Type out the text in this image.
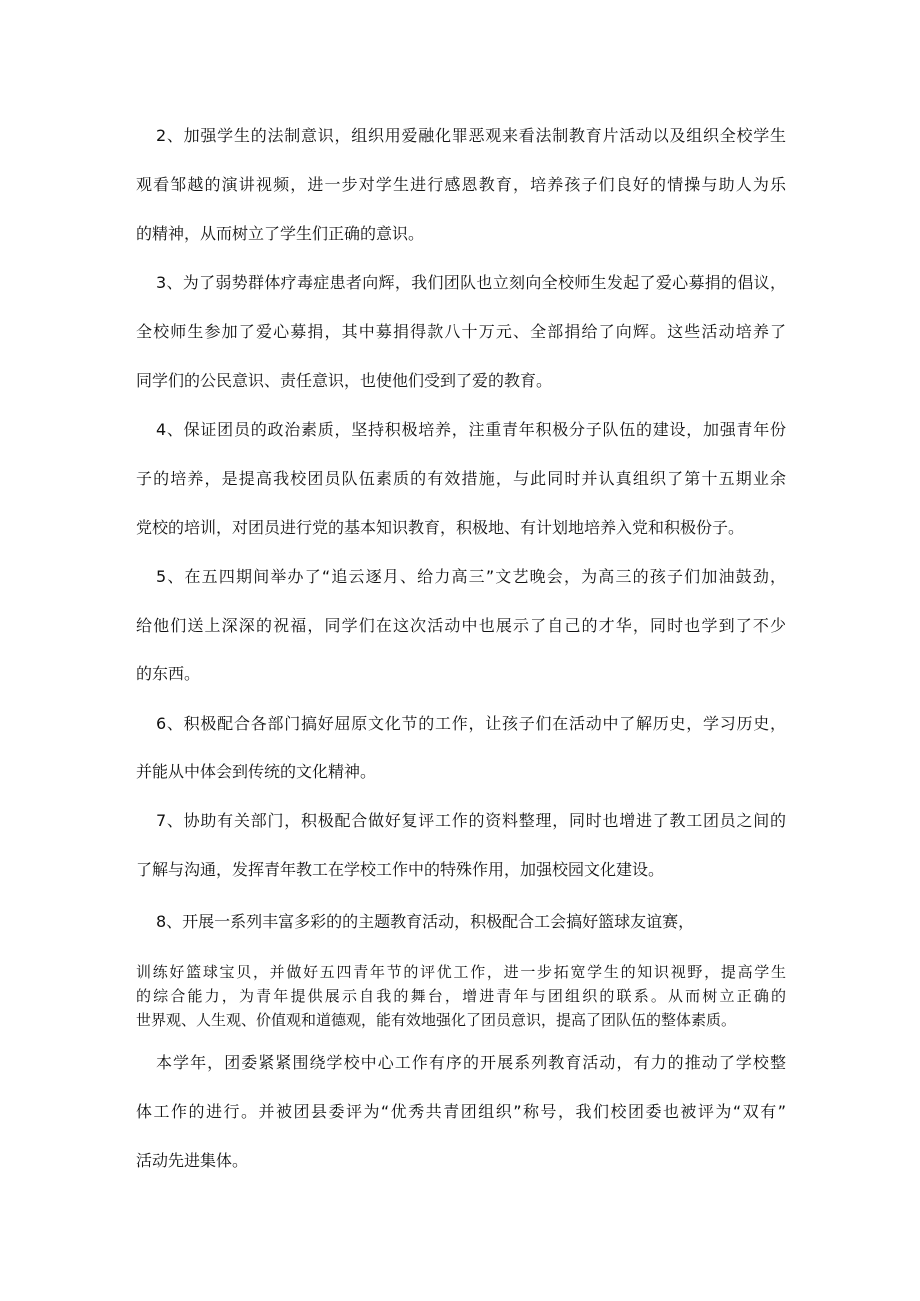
2、加强学生的法制意识，组织用爱融化罪恶观来看法制教育片活动以及组织全校学生
观看邹越的演讲视频，进一步对学生进行感恩教育，培养孩子们良好的情操与助人为乐
的精神，从而树立了学生们正确的意识。
3、为了弱势群体疗毒症患者向辉，我们团队也立刻向全校师生发起了爱心募捐的倡议，
全校师生参加了爱心募捐，其中募捐得款八十万元、全部捐给了向辉。这些活动培养了
同学们的公民意识、责任意识，也使他们受到了爱的教育。
4、保证团员的政治素质，坚持积极培养，注重青年积极分子队伍的建设，加强青年份
子的培养，是提高我校团员队伍素质的有效措施，与此同时并认真组织了第十五期业余
党校的培训，对团员进行党的基本知识教育，积极地、有计划地培养入党和积极份子。
5、在五四期间举办了“追云逐月、给力高三”文艺晚会，为高三的孩子们加油鼓劲，
给他们送上深深的祝福，同学们在这次活动中也展示了自己的才华，同时也学到了不少
的东西。
6、积极配合各部门搞好屈原文化节的工作，让孩子们在活动中了解历史，学习历史，
并能从中体会到传统的文化精神。
7、协助有关部门，积极配合做好复评工作的资料整理，同时也增进了教工团员之间的
了解与沟通，发挥青年教工在学校工作中的特殊作用，加强校园文化建设。
8、开展一系列丰富多彩的的主题教育活动，积极配合工会搞好篮球友谊赛，
训练好篮球宝贝，并做好五四青年节的评优工作，进一步拓宽学生的知识视野，提高学生
的综合能力，为青年提供展示自我的舞台，增进青年与团组织的联系。从而树立正确的
世界观、人生观、价值观和道德观，能有效地强化了团员意识，提高了团队伍的整体素质。
本学年，团委紧紧围绕学校中心工作有序的开展系列教育活动，有力的推动了学校整
体工作的进行。并被团县委评为“优秀共青团组织”称号，我们校团委也被评为“双有”
活动先进集体。
